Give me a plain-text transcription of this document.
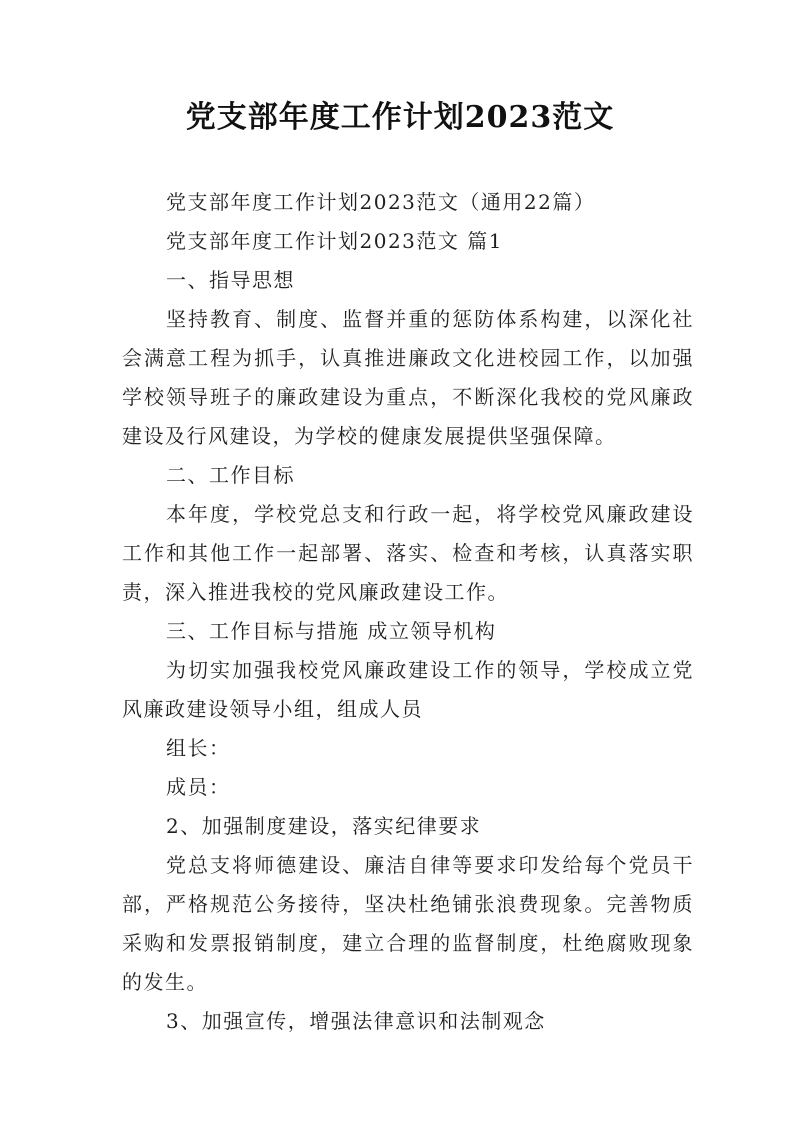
党支部年度工作计划2023范文

党支部年度工作计划2023范文（通用22篇）

党支部年度工作计划2023范文 篇1

一、指导思想

坚持教育、制度、监督并重的惩防体系构建，以深化社会满意工程为抓手，认真推进廉政文化进校园工作，以加强学校领导班子的廉政建设为重点，不断深化我校的党风廉政建设及行风建设，为学校的健康发展提供坚强保障。

二、工作目标

本年度，学校党总支和行政一起，将学校党风廉政建设工作和其他工作一起部署、落实、检查和考核，认真落实职责，深入推进我校的党风廉政建设工作。

三、工作目标与措施 成立领导机构

为切实加强我校党风廉政建设工作的领导，学校成立党风廉政建设领导小组，组成人员

组长：

成员：

2、加强制度建设，落实纪律要求

党总支将师德建设、廉洁自律等要求印发给每个党员干部，严格规范公务接待，坚决杜绝铺张浪费现象。完善物质采购和发票报销制度，建立合理的监督制度，杜绝腐败现象的发生。

3、加强宣传，增强法律意识和法制观念
